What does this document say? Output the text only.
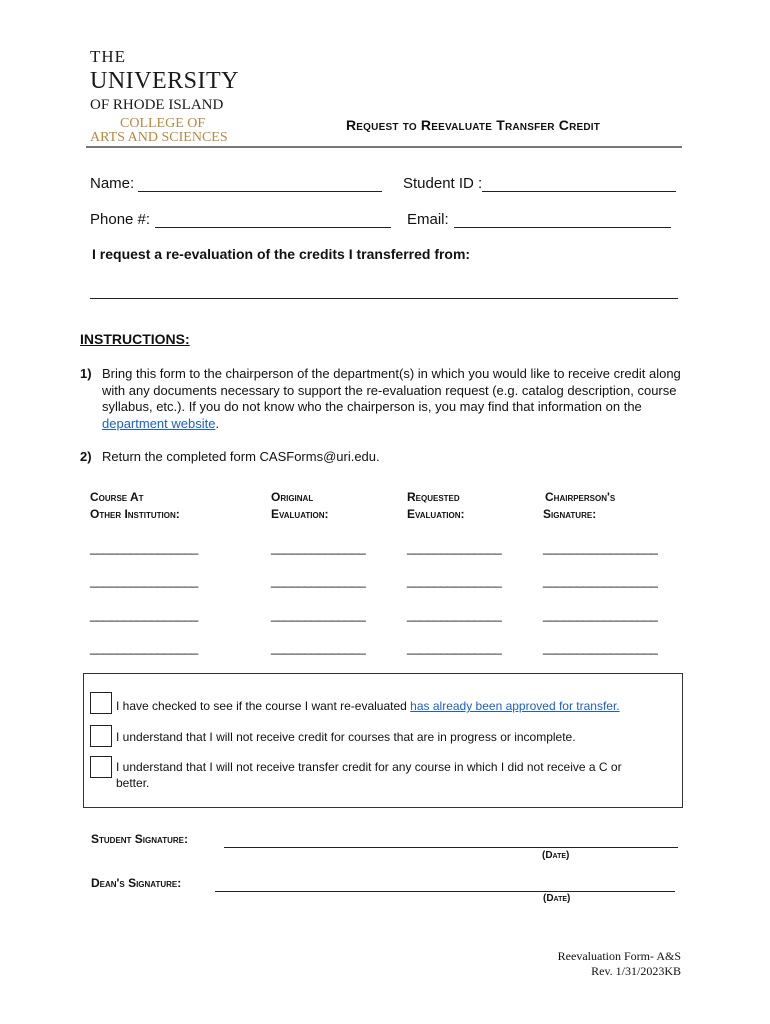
THE
UNIVERSITY
OF RHODE ISLAND
COLLEGE OF
ARTS AND SCIENCES
Request to Reevaluate Transfer Credit
Name:	Student ID :
Phone #:	Email:
I request a re-evaluation of the credits I transferred from:
INSTRUCTIONS:
1) Bring this form to the chairperson of the department(s) in which you would like to receive credit along with any documents necessary to support the re-evaluation request (e.g. catalog description, course syllabus, etc.). If you do not know who the chairperson is, you may find that information on the department website.
2) Return the completed form CASForms@uri.edu.
Course At
Other Institution:
Original
Evaluation:
Requested
Evaluation:
Chairperson's
Signature:
________________	______________	______________	_________________
________________	______________	______________	_________________
________________	______________	______________	_________________
________________	______________	______________	_________________
I have checked to see if the course I want re-evaluated has already been approved for transfer.
I understand that I will not receive credit for courses that are in progress or incomplete.
I understand that I will not receive transfer credit for any course in which I did not receive a C or better.
Student Signature:
(Date)
Dean's Signature:
(Date)
Reevaluation Form- A&S
Rev. 1/31/2023KB
